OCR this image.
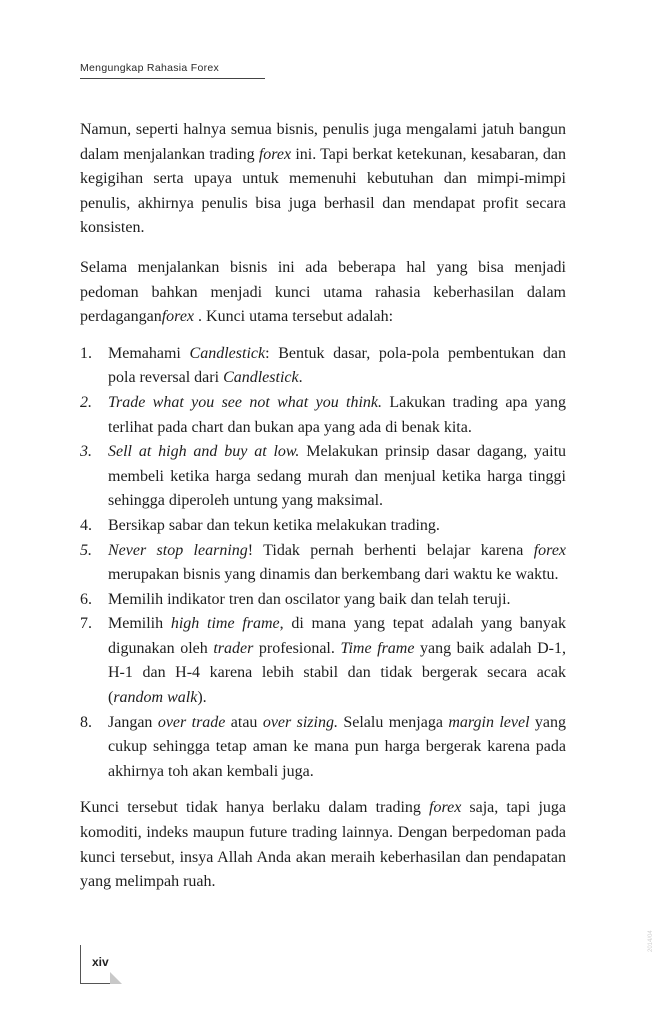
Mengungkap Rahasia Forex

Namun, seperti halnya semua bisnis, penulis juga mengalami jatuh bangun dalam menjalankan trading forex ini. Tapi berkat ketekunan, kesabaran, dan kegigihan serta upaya untuk memenuhi kebutuhan dan mimpi-mimpi penulis, akhirnya penulis bisa juga berhasil dan mendapat profit secara konsisten.

Selama menjalankan bisnis ini ada beberapa hal yang bisa menjadi pedoman bahkan menjadi kunci utama rahasia keberhasilan dalam perdaganganforex . Kunci utama tersebut adalah:

1. Memahami Candlestick: Bentuk dasar, pola-pola pembentukan dan pola reversal dari Candlestick.
2. Trade what you see not what you think. Lakukan trading apa yang terlihat pada chart dan bukan apa yang ada di benak kita.
3. Sell at high and buy at low. Melakukan prinsip dasar dagang, yaitu membeli ketika harga sedang murah dan menjual ketika harga tinggi sehingga diperoleh untung yang maksimal.
4. Bersikap sabar dan tekun ketika melakukan trading.
5. Never stop learning! Tidak pernah berhenti belajar karena forex merupakan bisnis yang dinamis dan berkembang dari waktu ke waktu.
6. Memilih indikator tren dan oscilator yang baik dan telah teruji.
7. Memilih high time frame, di mana yang tepat adalah yang banyak digunakan oleh trader profesional. Time frame yang baik adalah D-1, H-1 dan H-4 karena lebih stabil dan tidak bergerak secara acak (random walk).
8. Jangan over trade atau over sizing. Selalu menjaga margin level yang cukup sehingga tetap aman ke mana pun harga bergerak karena pada akhirnya toh akan kembali juga.

Kunci tersebut tidak hanya berlaku dalam trading forex saja, tapi juga komoditi, indeks maupun future trading lainnya. Dengan berpedoman pada kunci tersebut, insya Allah Anda akan meraih keberhasilan dan pendapatan yang melimpah ruah.

xiv
2014/04
